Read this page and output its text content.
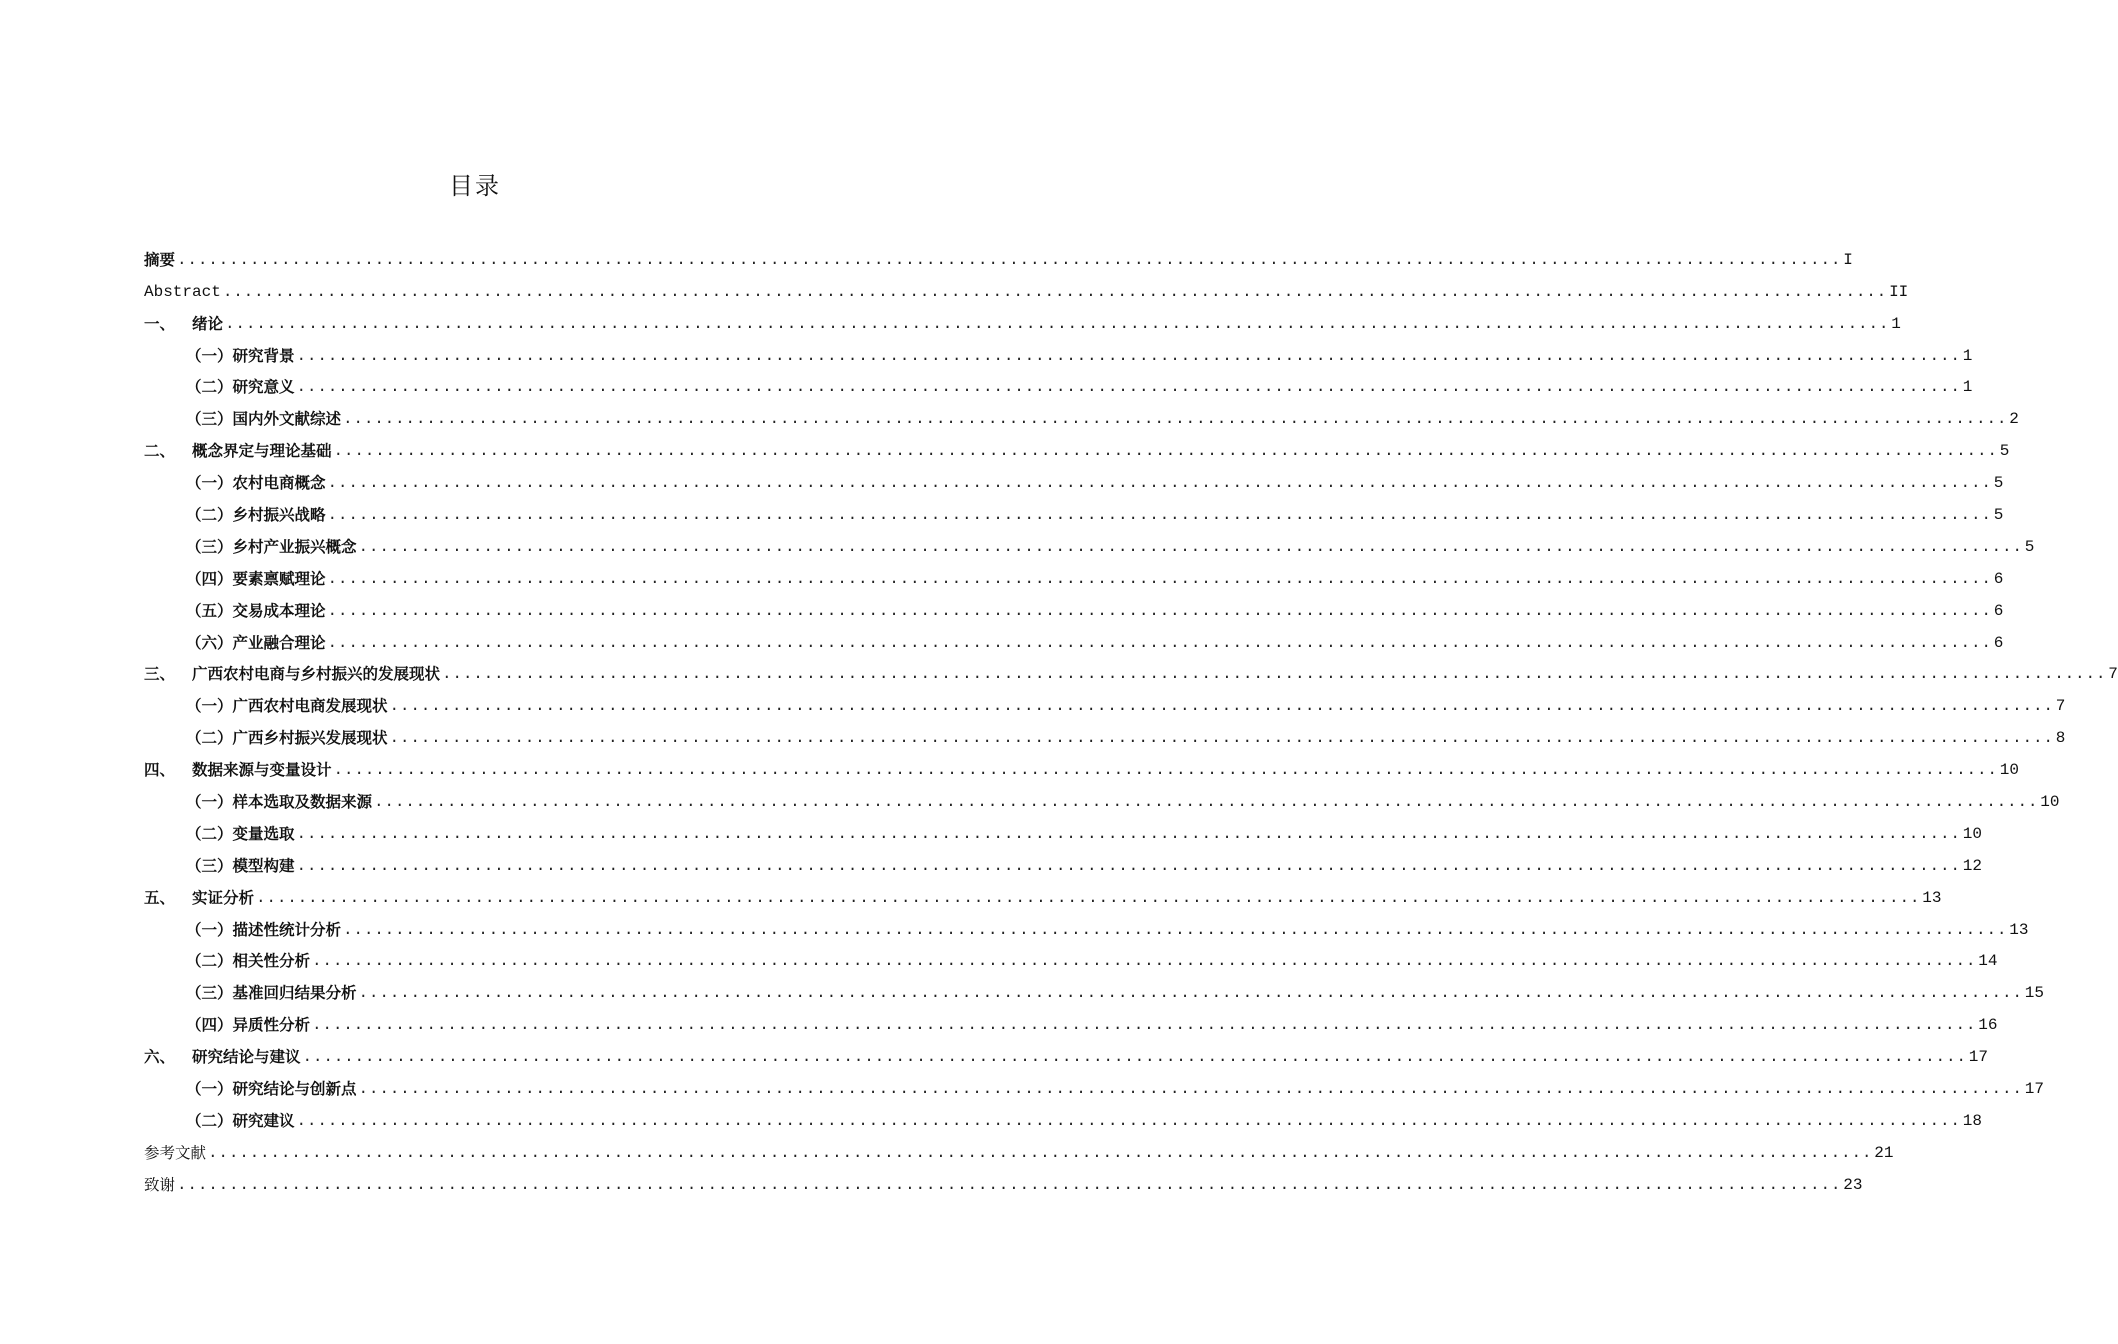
目录
摘要 ................................................................................................................................................................ I
Abstract ................................................................................................................................................................ II
一、 绪论 ................................................................................................................................................................ 1
（一）研究背景 ................................................................................................................................................................ 1
（二）研究意义 ................................................................................................................................................................ 1
（三）国内外文献综述 ................................................................................................................................................................ 2
二、 概念界定与理论基础 ................................................................................................................................................................ 5
（一）农村电商概念 ................................................................................................................................................................ 5
（二）乡村振兴战略 ................................................................................................................................................................ 5
（三）乡村产业振兴概念 ................................................................................................................................................................ 5
（四）要素禀赋理论 ................................................................................................................................................................ 6
（五）交易成本理论 ................................................................................................................................................................ 6
（六）产业融合理论 ................................................................................................................................................................ 6
三、 广西农村电商与乡村振兴的发展现状 ................................................................................................................................................................ 7
（一）广西农村电商发展现状 ................................................................................................................................................................ 7
（二）广西乡村振兴发展现状 ................................................................................................................................................................ 8
四、 数据来源与变量设计 ................................................................................................................................................................ 10
（一）样本选取及数据来源 ................................................................................................................................................................ 10
（二）变量选取 ................................................................................................................................................................ 10
（三）模型构建 ................................................................................................................................................................ 12
五、 实证分析 ................................................................................................................................................................ 13
（一）描述性统计分析 ................................................................................................................................................................ 13
（二）相关性分析 ................................................................................................................................................................ 14
（三）基准回归结果分析 ................................................................................................................................................................ 15
（四）异质性分析 ................................................................................................................................................................ 16
六、 研究结论与建议 ................................................................................................................................................................ 17
（一）研究结论与创新点 ................................................................................................................................................................ 17
（二）研究建议 ................................................................................................................................................................ 18
参考文献 ................................................................................................................................................................ 21
致谢 ................................................................................................................................................................ 23
